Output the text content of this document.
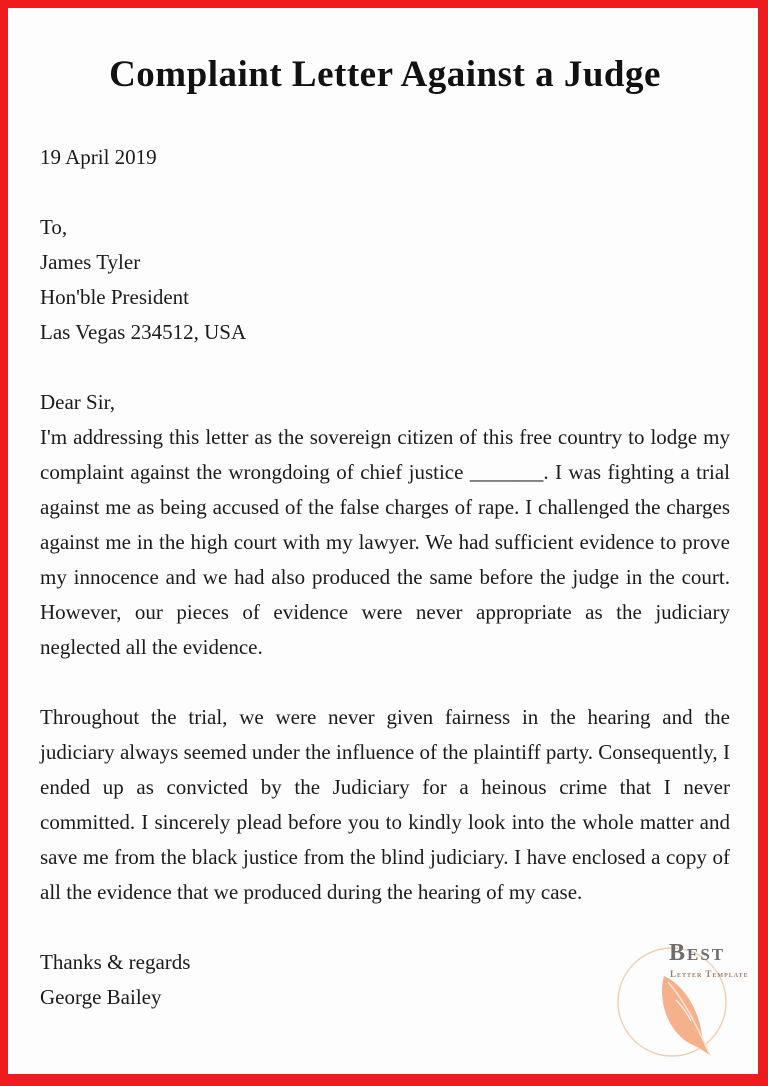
Complaint Letter Against a Judge
19 April 2019
To,
James Tyler
Hon'ble President
Las Vegas 234512, USA
Dear Sir,

I'm addressing this letter as the sovereign citizen of this free country to lodge my complaint against the wrongdoing of chief justice _______. I was fighting a trial against me as being accused of the false charges of rape. I challenged the charges against me in the high court with my lawyer. We had sufficient evidence to prove my innocence and we had also produced the same before the judge in the court. However, our pieces of evidence were never appropriate as the judiciary neglected all the evidence.

Throughout the trial, we were never given fairness in the hearing and the judiciary always seemed under the influence of the plaintiff party. Consequently, I ended up as convicted by the Judiciary for a heinous crime that I never committed. I sincerely plead before you to kindly look into the whole matter and save me from the black justice from the blind judiciary. I have enclosed a copy of all the evidence that we produced during the hearing of my case.

Thanks & regards
George Bailey
Best
Letter Template
